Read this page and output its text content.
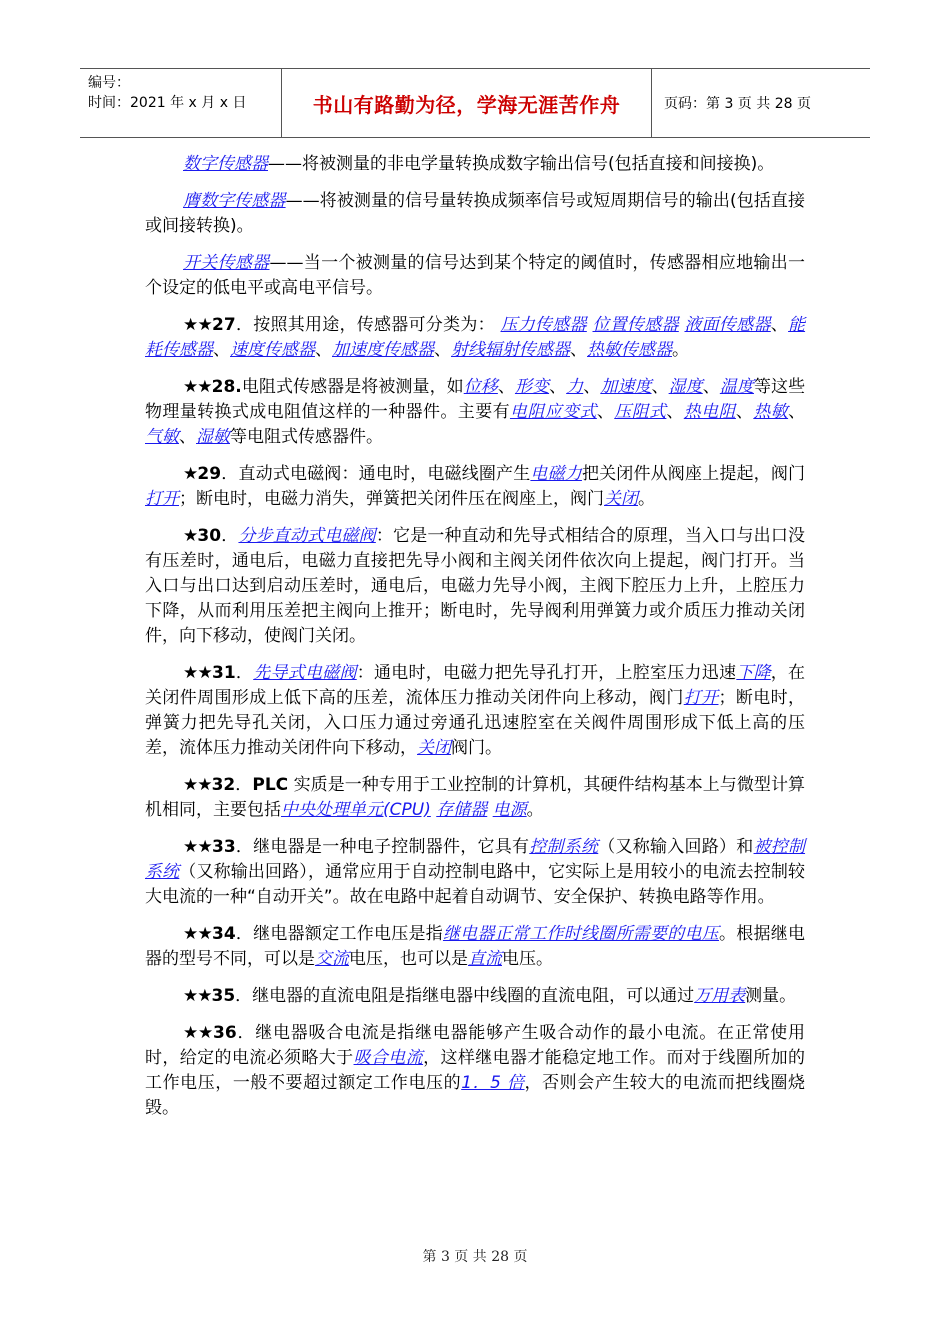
编号：
时间：2021 年 x 月 x 日	书山有路勤为径，学海无涯苦作舟	页码：第 3 页 共 28 页

数字传感器——将被测量的非电学量转换成数字输出信号(包括直接和间接换)。

膺数字传感器——将被测量的信号量转换成频率信号或短周期信号的输出(包括直接或间接转换)。

开关传感器——当一个被测量的信号达到某个特定的阈值时，传感器相应地输出一个设定的低电平或高电平信号。

★★27．按照其用途，传感器可分类为： 压力传感器 位置传感器 液面传感器、能耗传感器、速度传感器、加速度传感器、射线辐射传感器、热敏传感器。

★★28.电阻式传感器是将被测量，如位移、形变、力、加速度、湿度、温度等这些物理量转换式成电阻值这样的一种器件。主要有电阻应变式、压阻式、热电阻、热敏、气敏、湿敏等电阻式传感器件。

★29．直动式电磁阀：通电时，电磁线圈产生电磁力把关闭件从阀座上提起，阀门打开；断电时，电磁力消失，弹簧把关闭件压在阀座上，阀门关闭。

★30．分步直动式电磁阀：它是一种直动和先导式相结合的原理，当入口与出口没有压差时，通电后，电磁力直接把先导小阀和主阀关闭件依次向上提起，阀门打开。当入口与出口达到启动压差时，通电后，电磁力先导小阀，主阀下腔压力上升，上腔压力下降，从而利用压差把主阀向上推开；断电时，先导阀利用弹簧力或介质压力推动关闭件，向下移动，使阀门关闭。

★★31．先导式电磁阀：通电时，电磁力把先导孔打开，上腔室压力迅速下降，在关闭件周围形成上低下高的压差，流体压力推动关闭件向上移动，阀门打开；断电时，弹簧力把先导孔关闭，入口压力通过旁通孔迅速腔室在关阀件周围形成下低上高的压差，流体压力推动关闭件向下移动，关闭阀门。

★★32．PLC 实质是一种专用于工业控制的计算机，其硬件结构基本上与微型计算机相同，主要包括中央处理单元(CPU) 存储器 电源。

★★33．继电器是一种电子控制器件，它具有控制系统（又称输入回路）和被控制系统（又称输出回路），通常应用于自动控制电路中，它实际上是用较小的电流去控制较大电流的一种“自动开关”。故在电路中起着自动调节、安全保护、转换电路等作用。

★★34．继电器额定工作电压是指继电器正常工作时线圈所需要的电压。根据继电器的型号不同，可以是交流电压，也可以是直流电压。

★★35．继电器的直流电阻是指继电器中线圈的直流电阻，可以通过万用表测量。

★★36．继电器吸合电流是指继电器能够产生吸合动作的最小电流。在正常使用时，给定的电流必须略大于吸合电流，这样继电器才能稳定地工作。而对于线圈所加的工作电压，一般不要超过额定工作电压的1．5 倍，否则会产生较大的电流而把线圈烧毁。

第 3 页 共 28 页
